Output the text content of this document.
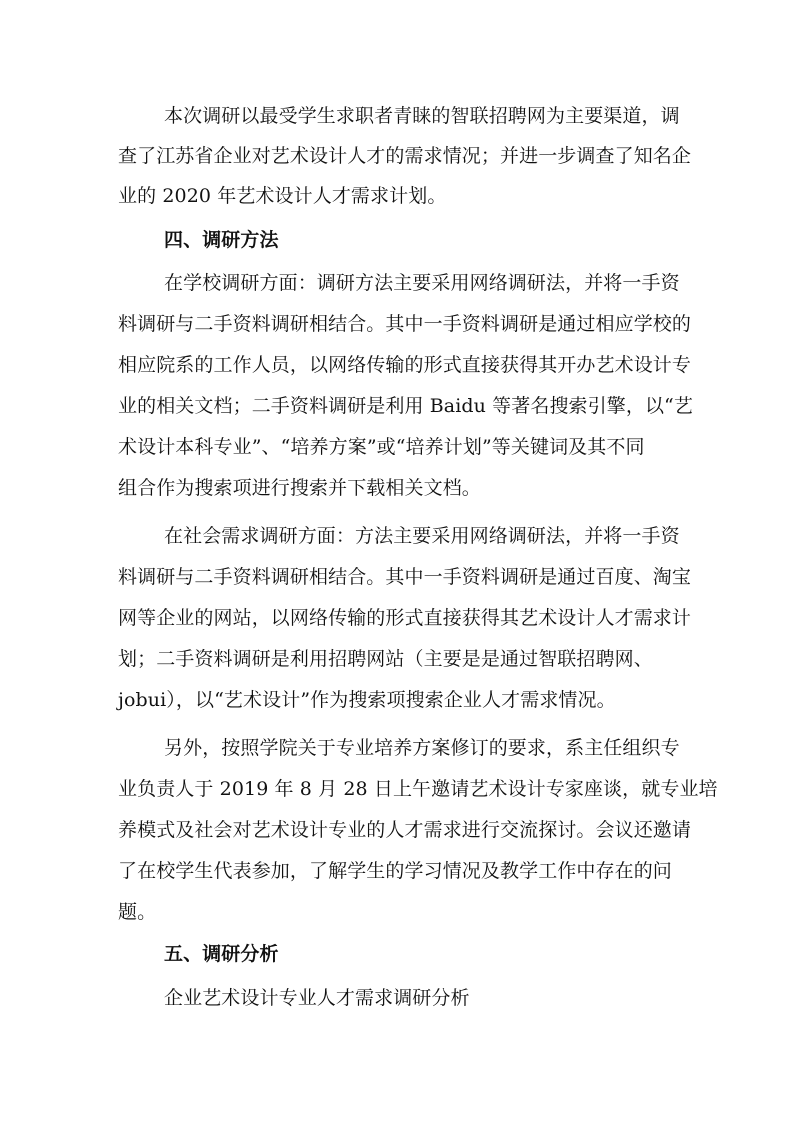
本次调研以最受学生求职者青睐的智联招聘网为主要渠道，调
查了江苏省企业对艺术设计人才的需求情况；并进一步调查了知名企
业的 2020 年艺术设计人才需求计划。
四、调研方法
在学校调研方面：调研方法主要采用网络调研法，并将一手资
料调研与二手资料调研相结合。其中一手资料调研是通过相应学校的
相应院系的工作人员，以网络传输的形式直接获得其开办艺术设计专
业的相关文档；二手资料调研是利用 Baidu 等著名搜索引擎，以“艺
术设计本科专业”、“培养方案”或“培养计划”等关键词及其不同
组合作为搜索项进行搜索并下载相关文档。
在社会需求调研方面：方法主要采用网络调研法，并将一手资
料调研与二手资料调研相结合。其中一手资料调研是通过百度、淘宝
网等企业的网站，以网络传输的形式直接获得其艺术设计人才需求计
划；二手资料调研是利用招聘网站（主要是是通过智联招聘网、
jobui），以“艺术设计”作为搜索项搜索企业人才需求情况。
另外，按照学院关于专业培养方案修订的要求，系主任组织专
业负责人于 2019 年 8 月 28 日上午邀请艺术设计专家座谈，就专业培
养模式及社会对艺术设计专业的人才需求进行交流探讨。会议还邀请
了在校学生代表参加，了解学生的学习情况及教学工作中存在的问
题。
五、调研分析
企业艺术设计专业人才需求调研分析
